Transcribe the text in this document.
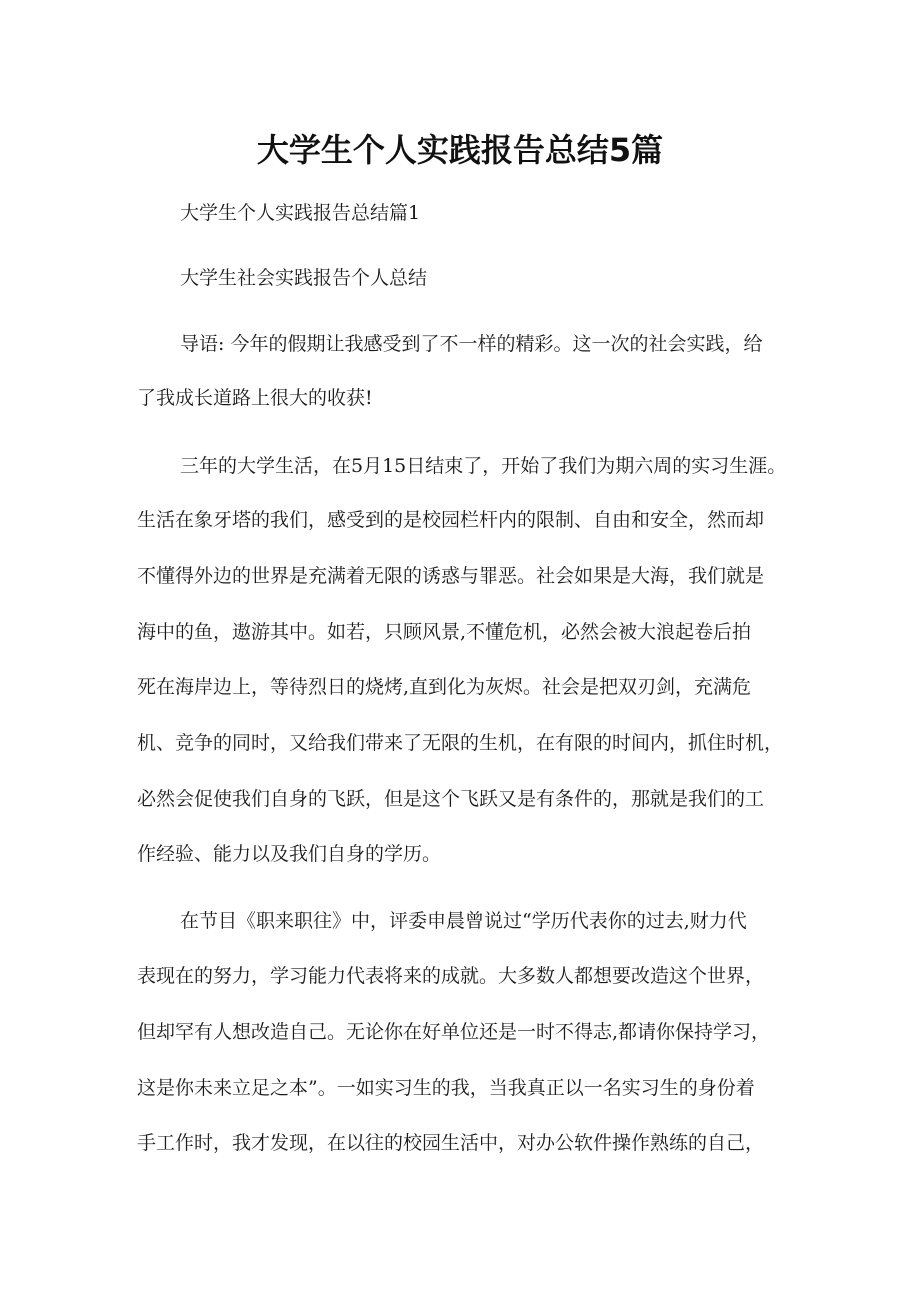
大学生个人实践报告总结5篇

大学生个人实践报告总结篇1

大学生社会实践报告个人总结

导语: 今年的假期让我感受到了不一样的精彩。这一次的社会实践，给

了我成长道路上很大的收获!

三年的大学生活，在5月15日结束了，开始了我们为期六周的实习生涯。

生活在象牙塔的我们，感受到的是校园栏杆内的限制、自由和安全，然而却

不懂得外边的世界是充满着无限的诱惑与罪恶。社会如果是大海，我们就是

海中的鱼，遨游其中。如若，只顾风景,不懂危机，必然会被大浪起卷后拍

死在海岸边上，等待烈日的烧烤,直到化为灰烬。社会是把双刃剑，充满危

机、竞争的同时，又给我们带来了无限的生机，在有限的时间内，抓住时机，

必然会促使我们自身的飞跃，但是这个飞跃又是有条件的，那就是我们的工

作经验、能力以及我们自身的学历。

在节目《职来职往》中，评委申晨曾说过“学历代表你的过去,财力代

表现在的努力，学习能力代表将来的成就。大多数人都想要改造这个世界，

但却罕有人想改造自己。无论你在好单位还是一时不得志,都请你保持学习，

这是你未来立足之本”。一如实习生的我，当我真正以一名实习生的身份着

手工作时，我才发现，在以往的校园生活中，对办公软件操作熟练的自己，
